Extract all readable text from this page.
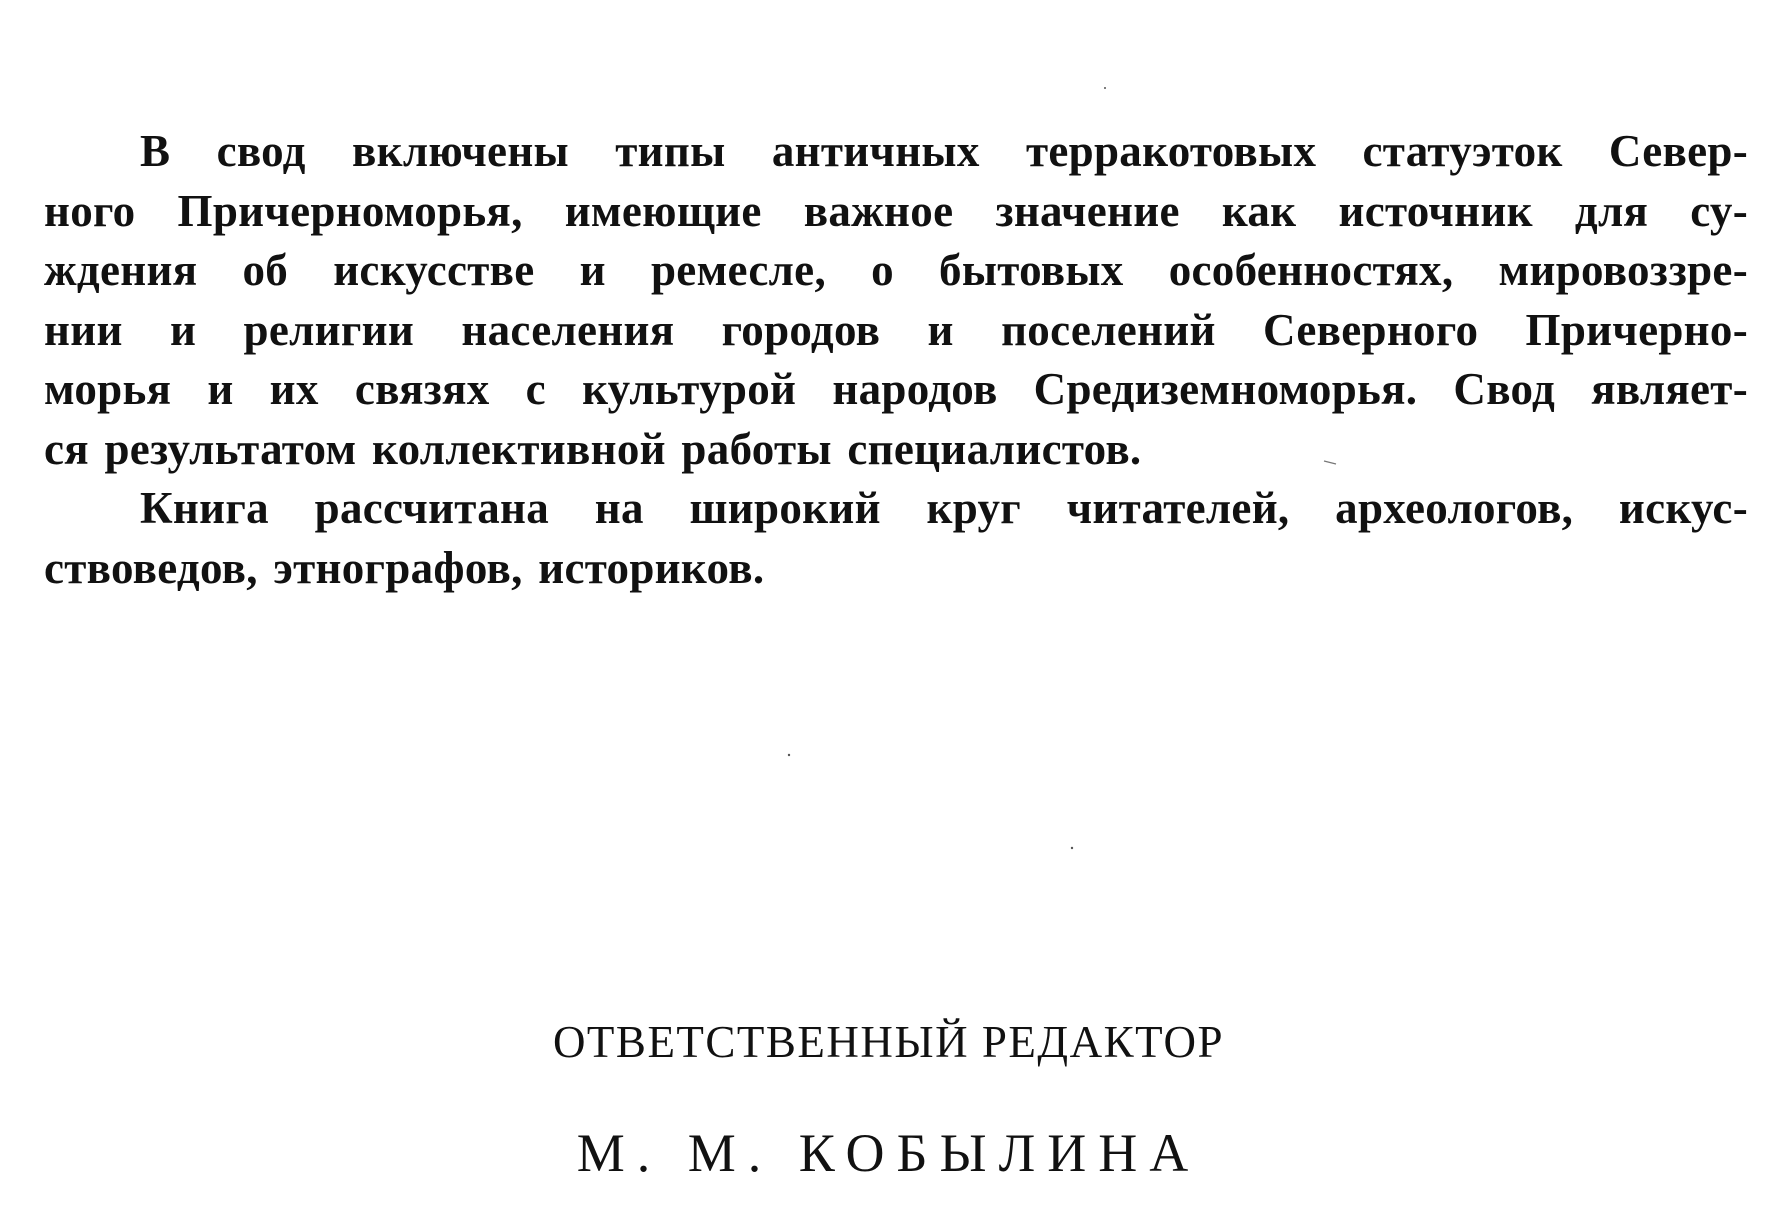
В свод включены типы античных терракотовых статуэток Север-
ного Причерноморья, имеющие важное значение как источник для су-
ждения об искусстве и ремесле, о бытовых особенностях, мировоззре-
нии и религии населения городов и поселений Северного Причерно-
морья и их связях с культурой народов Средиземноморья. Свод являет-
ся результатом коллективной работы специалистов.
Книга рассчитана на широкий круг читателей, археологов, искус-
ствоведов, этнографов, историков.
ОТВЕТСТВЕННЫЙ РЕДАКТОР
М. М. КОБЫЛИНА
